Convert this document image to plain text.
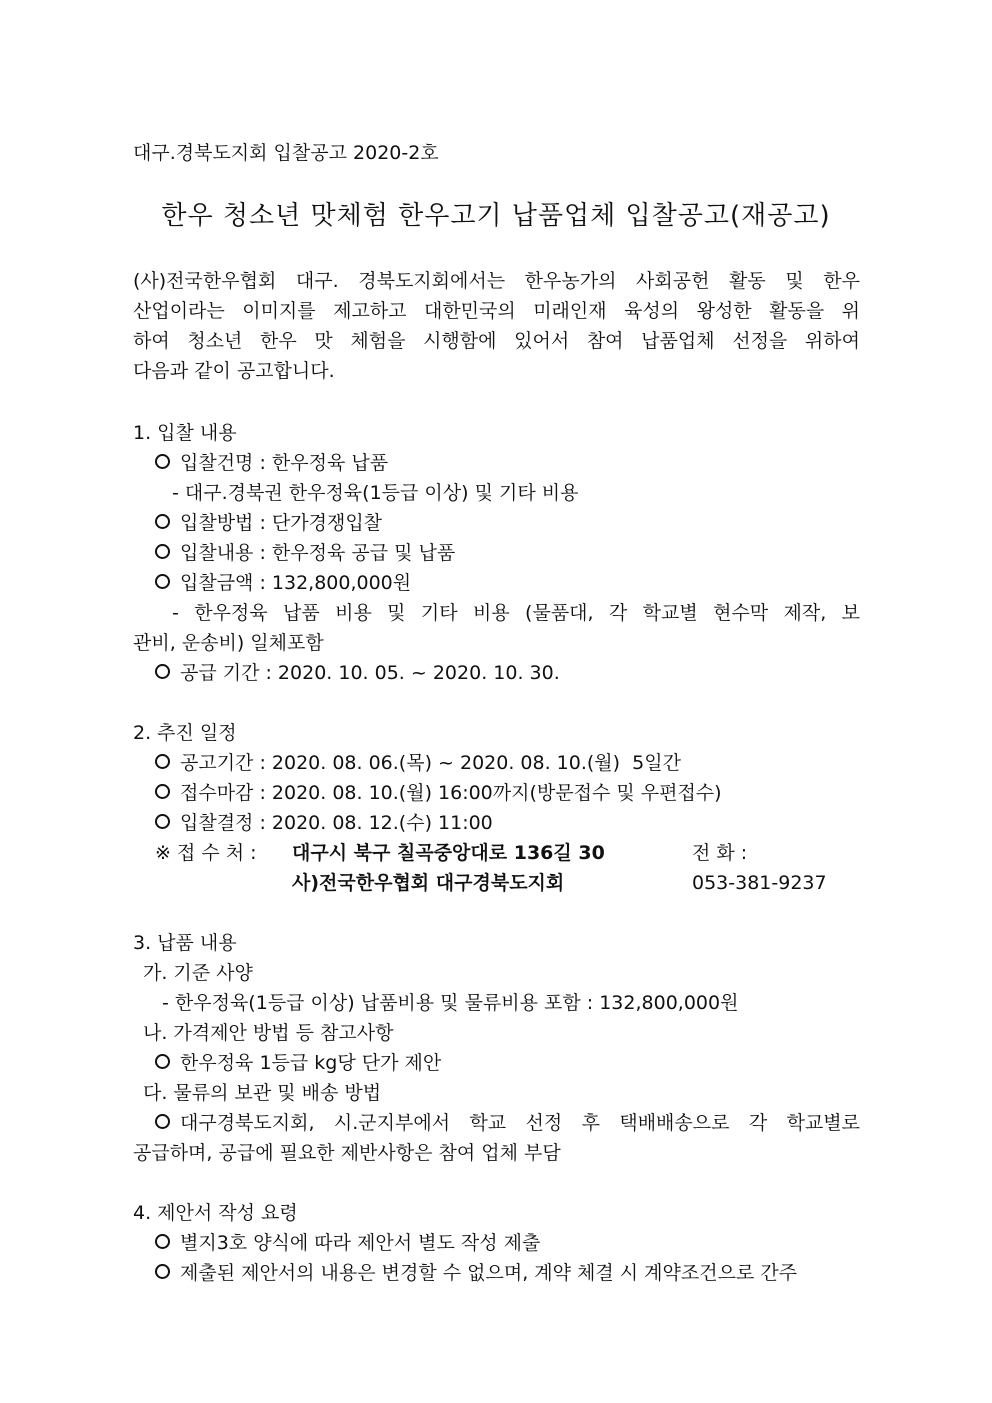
대구.경북도지회 입찰공고 2020-2호
한우 청소년 맛체험 한우고기 납품업체 입찰공고(재공고)
(사)전국한우협회 대구. 경북도지회에서는 한우농가의 사회공헌 활동 및 한우
산업이라는 이미지를 제고하고 대한민국의 미래인재 육성의 왕성한 활동을 위
하여 청소년 한우 맛 체험을 시행함에 있어서 참여 납품업체 선정을 위하여
다음과 같이 공고합니다.
1. 입찰 내용
입찰건명 : 한우정육 납품
- 대구.경북권 한우정육(1등급 이상) 및 기타 비용
입찰방법 : 단가경쟁입찰
입찰내용 : 한우정육 공급 및 납품
입찰금액 : 132,800,000원
- 한우정육 납품 비용 및 기타 비용 (물품대, 각 학교별 현수막 제작, 보
관비, 운송비) 일체포함
공급 기간 : 2020. 10. 05. ~ 2020. 10. 30.
2. 추진 일정
공고기간 : 2020. 08. 06.(목) ~ 2020. 08. 10.(월)  5일간
접수마감 : 2020. 08. 10.(월) 16:00까지(방문접수 및 우편접수)
입찰결정 : 2020. 08. 12.(수) 11:00
※ 접 수 처 : 대구시 북구 칠곡중앙대로 136길 30
사)전국한우협회 대구경북도지회
전 화 :
053-381-9237
3. 납품 내용
가. 기준 사양
- 한우정육(1등급 이상) 납품비용 및 물류비용 포함 : 132,800,000원
나. 가격제안 방법 등 참고사항
한우정육 1등급 kg당 단가 제안
다. 물류의 보관 및 배송 방법
대구경북도지회, 시.군지부에서 학교 선정 후 택배배송으로 각 학교별로
공급하며, 공급에 필요한 제반사항은 참여 업체 부담
4. 제안서 작성 요령
별지3호 양식에 따라 제안서 별도 작성 제출
제출된 제안서의 내용은 변경할 수 없으며, 계약 체결 시 계약조건으로 간주
